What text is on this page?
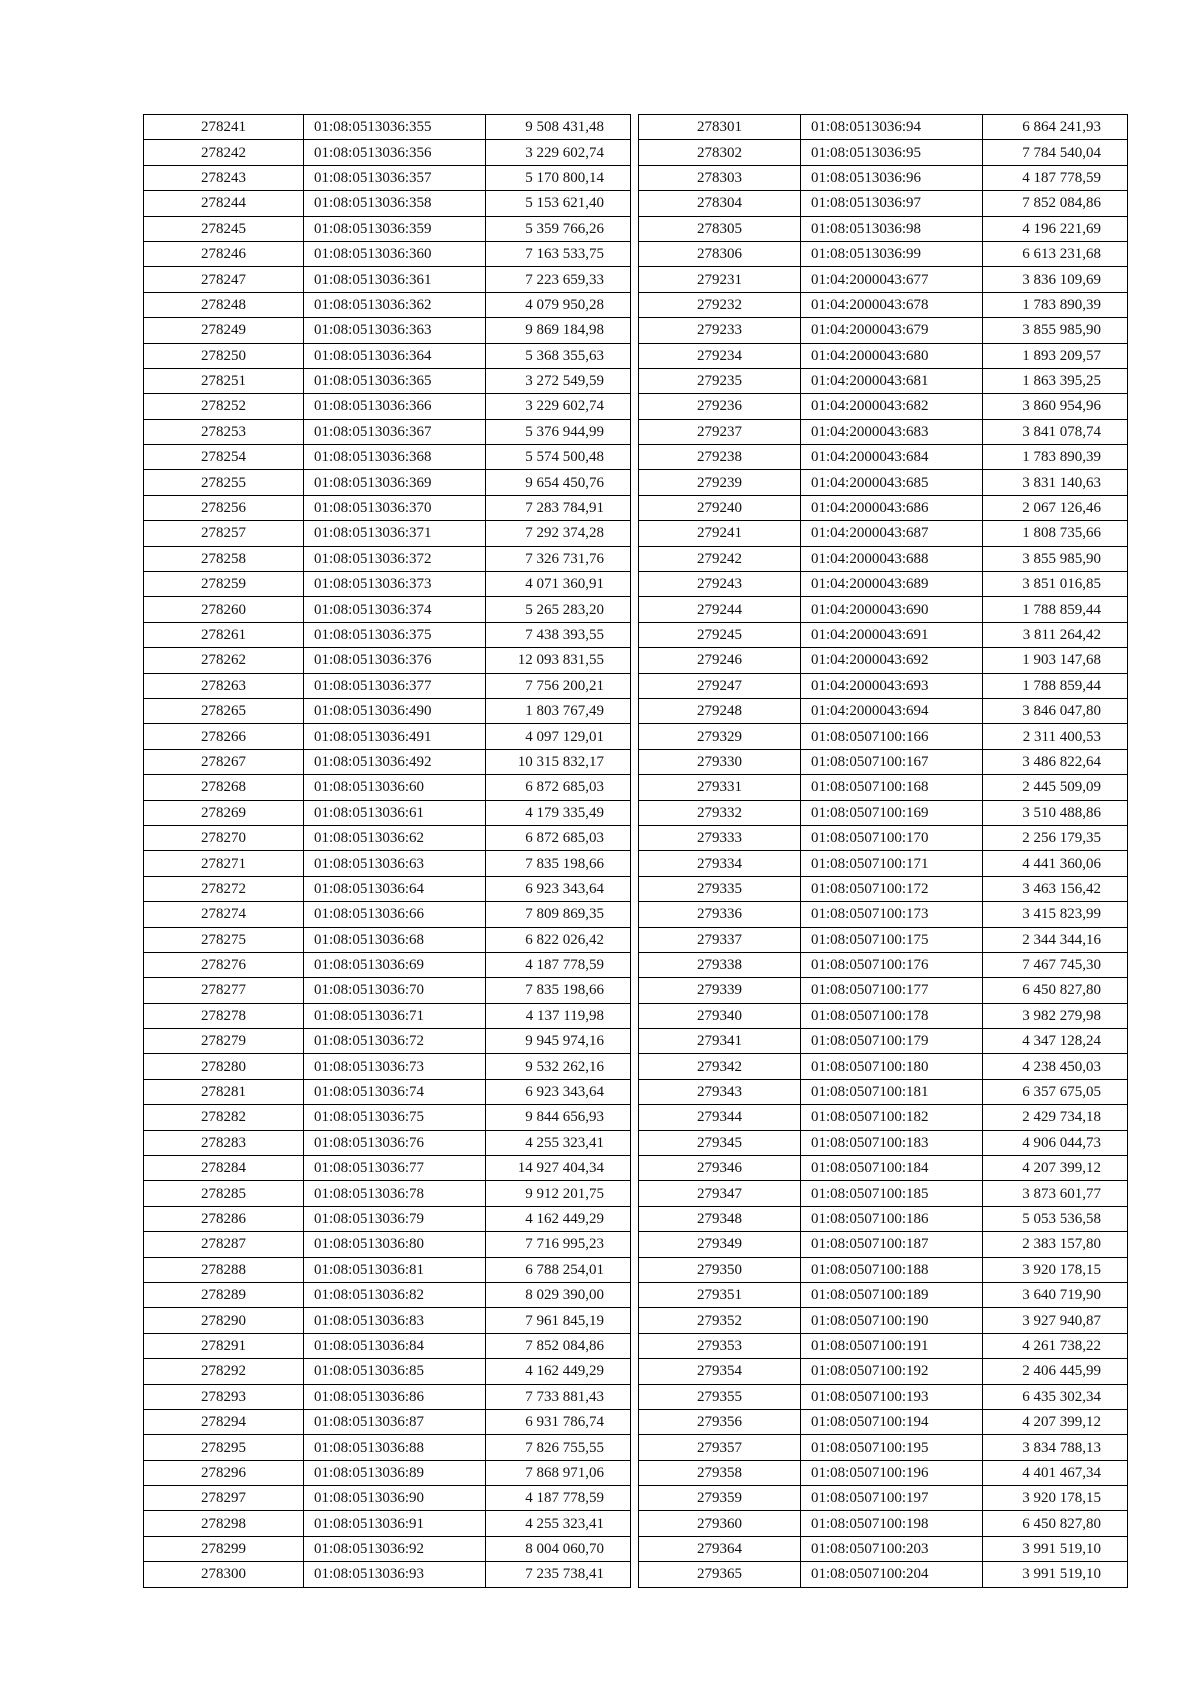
278241	01:08:0513036:355	9 508 431,48
278242	01:08:0513036:356	3 229 602,74
278243	01:08:0513036:357	5 170 800,14
278244	01:08:0513036:358	5 153 621,40
278245	01:08:0513036:359	5 359 766,26
278246	01:08:0513036:360	7 163 533,75
278247	01:08:0513036:361	7 223 659,33
278248	01:08:0513036:362	4 079 950,28
278249	01:08:0513036:363	9 869 184,98
278250	01:08:0513036:364	5 368 355,63
278251	01:08:0513036:365	3 272 549,59
278252	01:08:0513036:366	3 229 602,74
278253	01:08:0513036:367	5 376 944,99
278254	01:08:0513036:368	5 574 500,48
278255	01:08:0513036:369	9 654 450,76
278256	01:08:0513036:370	7 283 784,91
278257	01:08:0513036:371	7 292 374,28
278258	01:08:0513036:372	7 326 731,76
278259	01:08:0513036:373	4 071 360,91
278260	01:08:0513036:374	5 265 283,20
278261	01:08:0513036:375	7 438 393,55
278262	01:08:0513036:376	12 093 831,55
278263	01:08:0513036:377	7 756 200,21
278265	01:08:0513036:490	1 803 767,49
278266	01:08:0513036:491	4 097 129,01
278267	01:08:0513036:492	10 315 832,17
278268	01:08:0513036:60	6 872 685,03
278269	01:08:0513036:61	4 179 335,49
278270	01:08:0513036:62	6 872 685,03
278271	01:08:0513036:63	7 835 198,66
278272	01:08:0513036:64	6 923 343,64
278274	01:08:0513036:66	7 809 869,35
278275	01:08:0513036:68	6 822 026,42
278276	01:08:0513036:69	4 187 778,59
278277	01:08:0513036:70	7 835 198,66
278278	01:08:0513036:71	4 137 119,98
278279	01:08:0513036:72	9 945 974,16
278280	01:08:0513036:73	9 532 262,16
278281	01:08:0513036:74	6 923 343,64
278282	01:08:0513036:75	9 844 656,93
278283	01:08:0513036:76	4 255 323,41
278284	01:08:0513036:77	14 927 404,34
278285	01:08:0513036:78	9 912 201,75
278286	01:08:0513036:79	4 162 449,29
278287	01:08:0513036:80	7 716 995,23
278288	01:08:0513036:81	6 788 254,01
278289	01:08:0513036:82	8 029 390,00
278290	01:08:0513036:83	7 961 845,19
278291	01:08:0513036:84	7 852 084,86
278292	01:08:0513036:85	4 162 449,29
278293	01:08:0513036:86	7 733 881,43
278294	01:08:0513036:87	6 931 786,74
278295	01:08:0513036:88	7 826 755,55
278296	01:08:0513036:89	7 868 971,06
278297	01:08:0513036:90	4 187 778,59
278298	01:08:0513036:91	4 255 323,41
278299	01:08:0513036:92	8 004 060,70
278300	01:08:0513036:93	7 235 738,41
278301	01:08:0513036:94	6 864 241,93
278302	01:08:0513036:95	7 784 540,04
278303	01:08:0513036:96	4 187 778,59
278304	01:08:0513036:97	7 852 084,86
278305	01:08:0513036:98	4 196 221,69
278306	01:08:0513036:99	6 613 231,68
279231	01:04:2000043:677	3 836 109,69
279232	01:04:2000043:678	1 783 890,39
279233	01:04:2000043:679	3 855 985,90
279234	01:04:2000043:680	1 893 209,57
279235	01:04:2000043:681	1 863 395,25
279236	01:04:2000043:682	3 860 954,96
279237	01:04:2000043:683	3 841 078,74
279238	01:04:2000043:684	1 783 890,39
279239	01:04:2000043:685	3 831 140,63
279240	01:04:2000043:686	2 067 126,46
279241	01:04:2000043:687	1 808 735,66
279242	01:04:2000043:688	3 855 985,90
279243	01:04:2000043:689	3 851 016,85
279244	01:04:2000043:690	1 788 859,44
279245	01:04:2000043:691	3 811 264,42
279246	01:04:2000043:692	1 903 147,68
279247	01:04:2000043:693	1 788 859,44
279248	01:04:2000043:694	3 846 047,80
279329	01:08:0507100:166	2 311 400,53
279330	01:08:0507100:167	3 486 822,64
279331	01:08:0507100:168	2 445 509,09
279332	01:08:0507100:169	3 510 488,86
279333	01:08:0507100:170	2 256 179,35
279334	01:08:0507100:171	4 441 360,06
279335	01:08:0507100:172	3 463 156,42
279336	01:08:0507100:173	3 415 823,99
279337	01:08:0507100:175	2 344 344,16
279338	01:08:0507100:176	7 467 745,30
279339	01:08:0507100:177	6 450 827,80
279340	01:08:0507100:178	3 982 279,98
279341	01:08:0507100:179	4 347 128,24
279342	01:08:0507100:180	4 238 450,03
279343	01:08:0507100:181	6 357 675,05
279344	01:08:0507100:182	2 429 734,18
279345	01:08:0507100:183	4 906 044,73
279346	01:08:0507100:184	4 207 399,12
279347	01:08:0507100:185	3 873 601,77
279348	01:08:0507100:186	5 053 536,58
279349	01:08:0507100:187	2 383 157,80
279350	01:08:0507100:188	3 920 178,15
279351	01:08:0507100:189	3 640 719,90
279352	01:08:0507100:190	3 927 940,87
279353	01:08:0507100:191	4 261 738,22
279354	01:08:0507100:192	2 406 445,99
279355	01:08:0507100:193	6 435 302,34
279356	01:08:0507100:194	4 207 399,12
279357	01:08:0507100:195	3 834 788,13
279358	01:08:0507100:196	4 401 467,34
279359	01:08:0507100:197	3 920 178,15
279360	01:08:0507100:198	6 450 827,80
279364	01:08:0507100:203	3 991 519,10
279365	01:08:0507100:204	3 991 519,10
